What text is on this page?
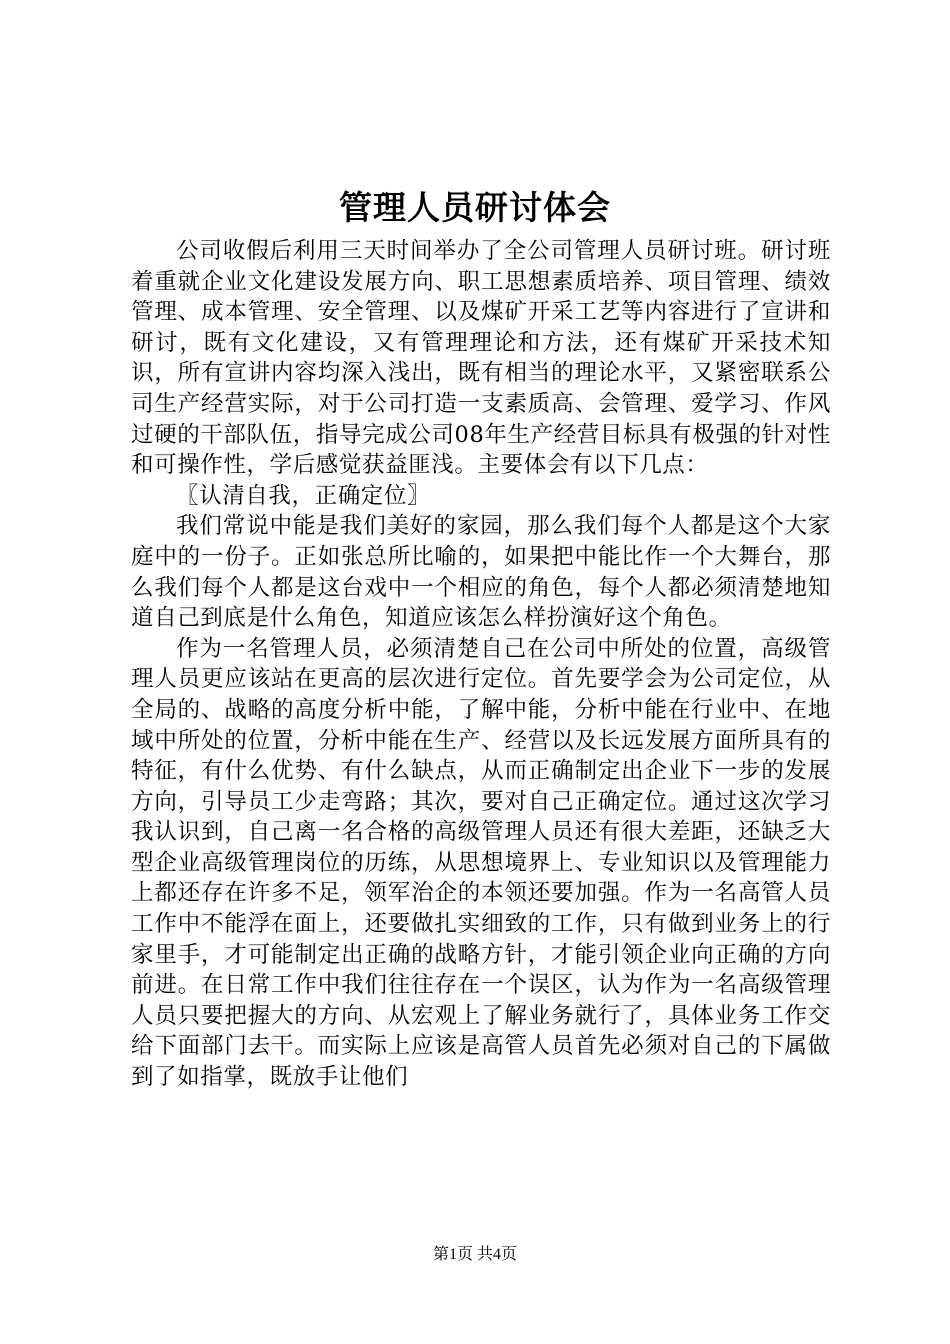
管理人员研讨体会

公司收假后利用三天时间举办了全公司管理人员研讨班。研讨班着重就企业文化建设发展方向、职工思想素质培养、项目管理、绩效管理、成本管理、安全管理、以及煤矿开采工艺等内容进行了宣讲和研讨，既有文化建设，又有管理理论和方法，还有煤矿开采技术知识，所有宣讲内容均深入浅出，既有相当的理论水平，又紧密联系公司生产经营实际，对于公司打造一支素质高、会管理、爱学习、作风过硬的干部队伍，指导完成公司08年生产经营目标具有极强的针对性和可操作性，学后感觉获益匪浅。主要体会有以下几点：

〖认清自我，正确定位〗

我们常说中能是我们美好的家园，那么我们每个人都是这个大家庭中的一份子。正如张总所比喻的，如果把中能比作一个大舞台，那么我们每个人都是这台戏中一个相应的角色，每个人都必须清楚地知道自己到底是什么角色，知道应该怎么样扮演好这个角色。

作为一名管理人员，必须清楚自己在公司中所处的位置，高级管理人员更应该站在更高的层次进行定位。首先要学会为公司定位，从全局的、战略的高度分析中能，了解中能，分析中能在行业中、在地域中所处的位置，分析中能在生产、经营以及长远发展方面所具有的特征，有什么优势、有什么缺点，从而正确制定出企业下一步的发展方向，引导员工少走弯路；其次，要对自己正确定位。通过这次学习我认识到，自己离一名合格的高级管理人员还有很大差距，还缺乏大型企业高级管理岗位的历练，从思想境界上、专业知识以及管理能力上都还存在许多不足，领军治企的本领还要加强。作为一名高管人员工作中不能浮在面上，还要做扎实细致的工作，只有做到业务上的行家里手，才可能制定出正确的战略方针，才能引领企业向正确的方向前进。在日常工作中我们往往存在一个误区，认为作为一名高级管理人员只要把握大的方向、从宏观上了解业务就行了，具体业务工作交给下面部门去干。而实际上应该是高管人员首先必须对自己的下属做到了如指掌，既放手让他们

第1页 共4页
